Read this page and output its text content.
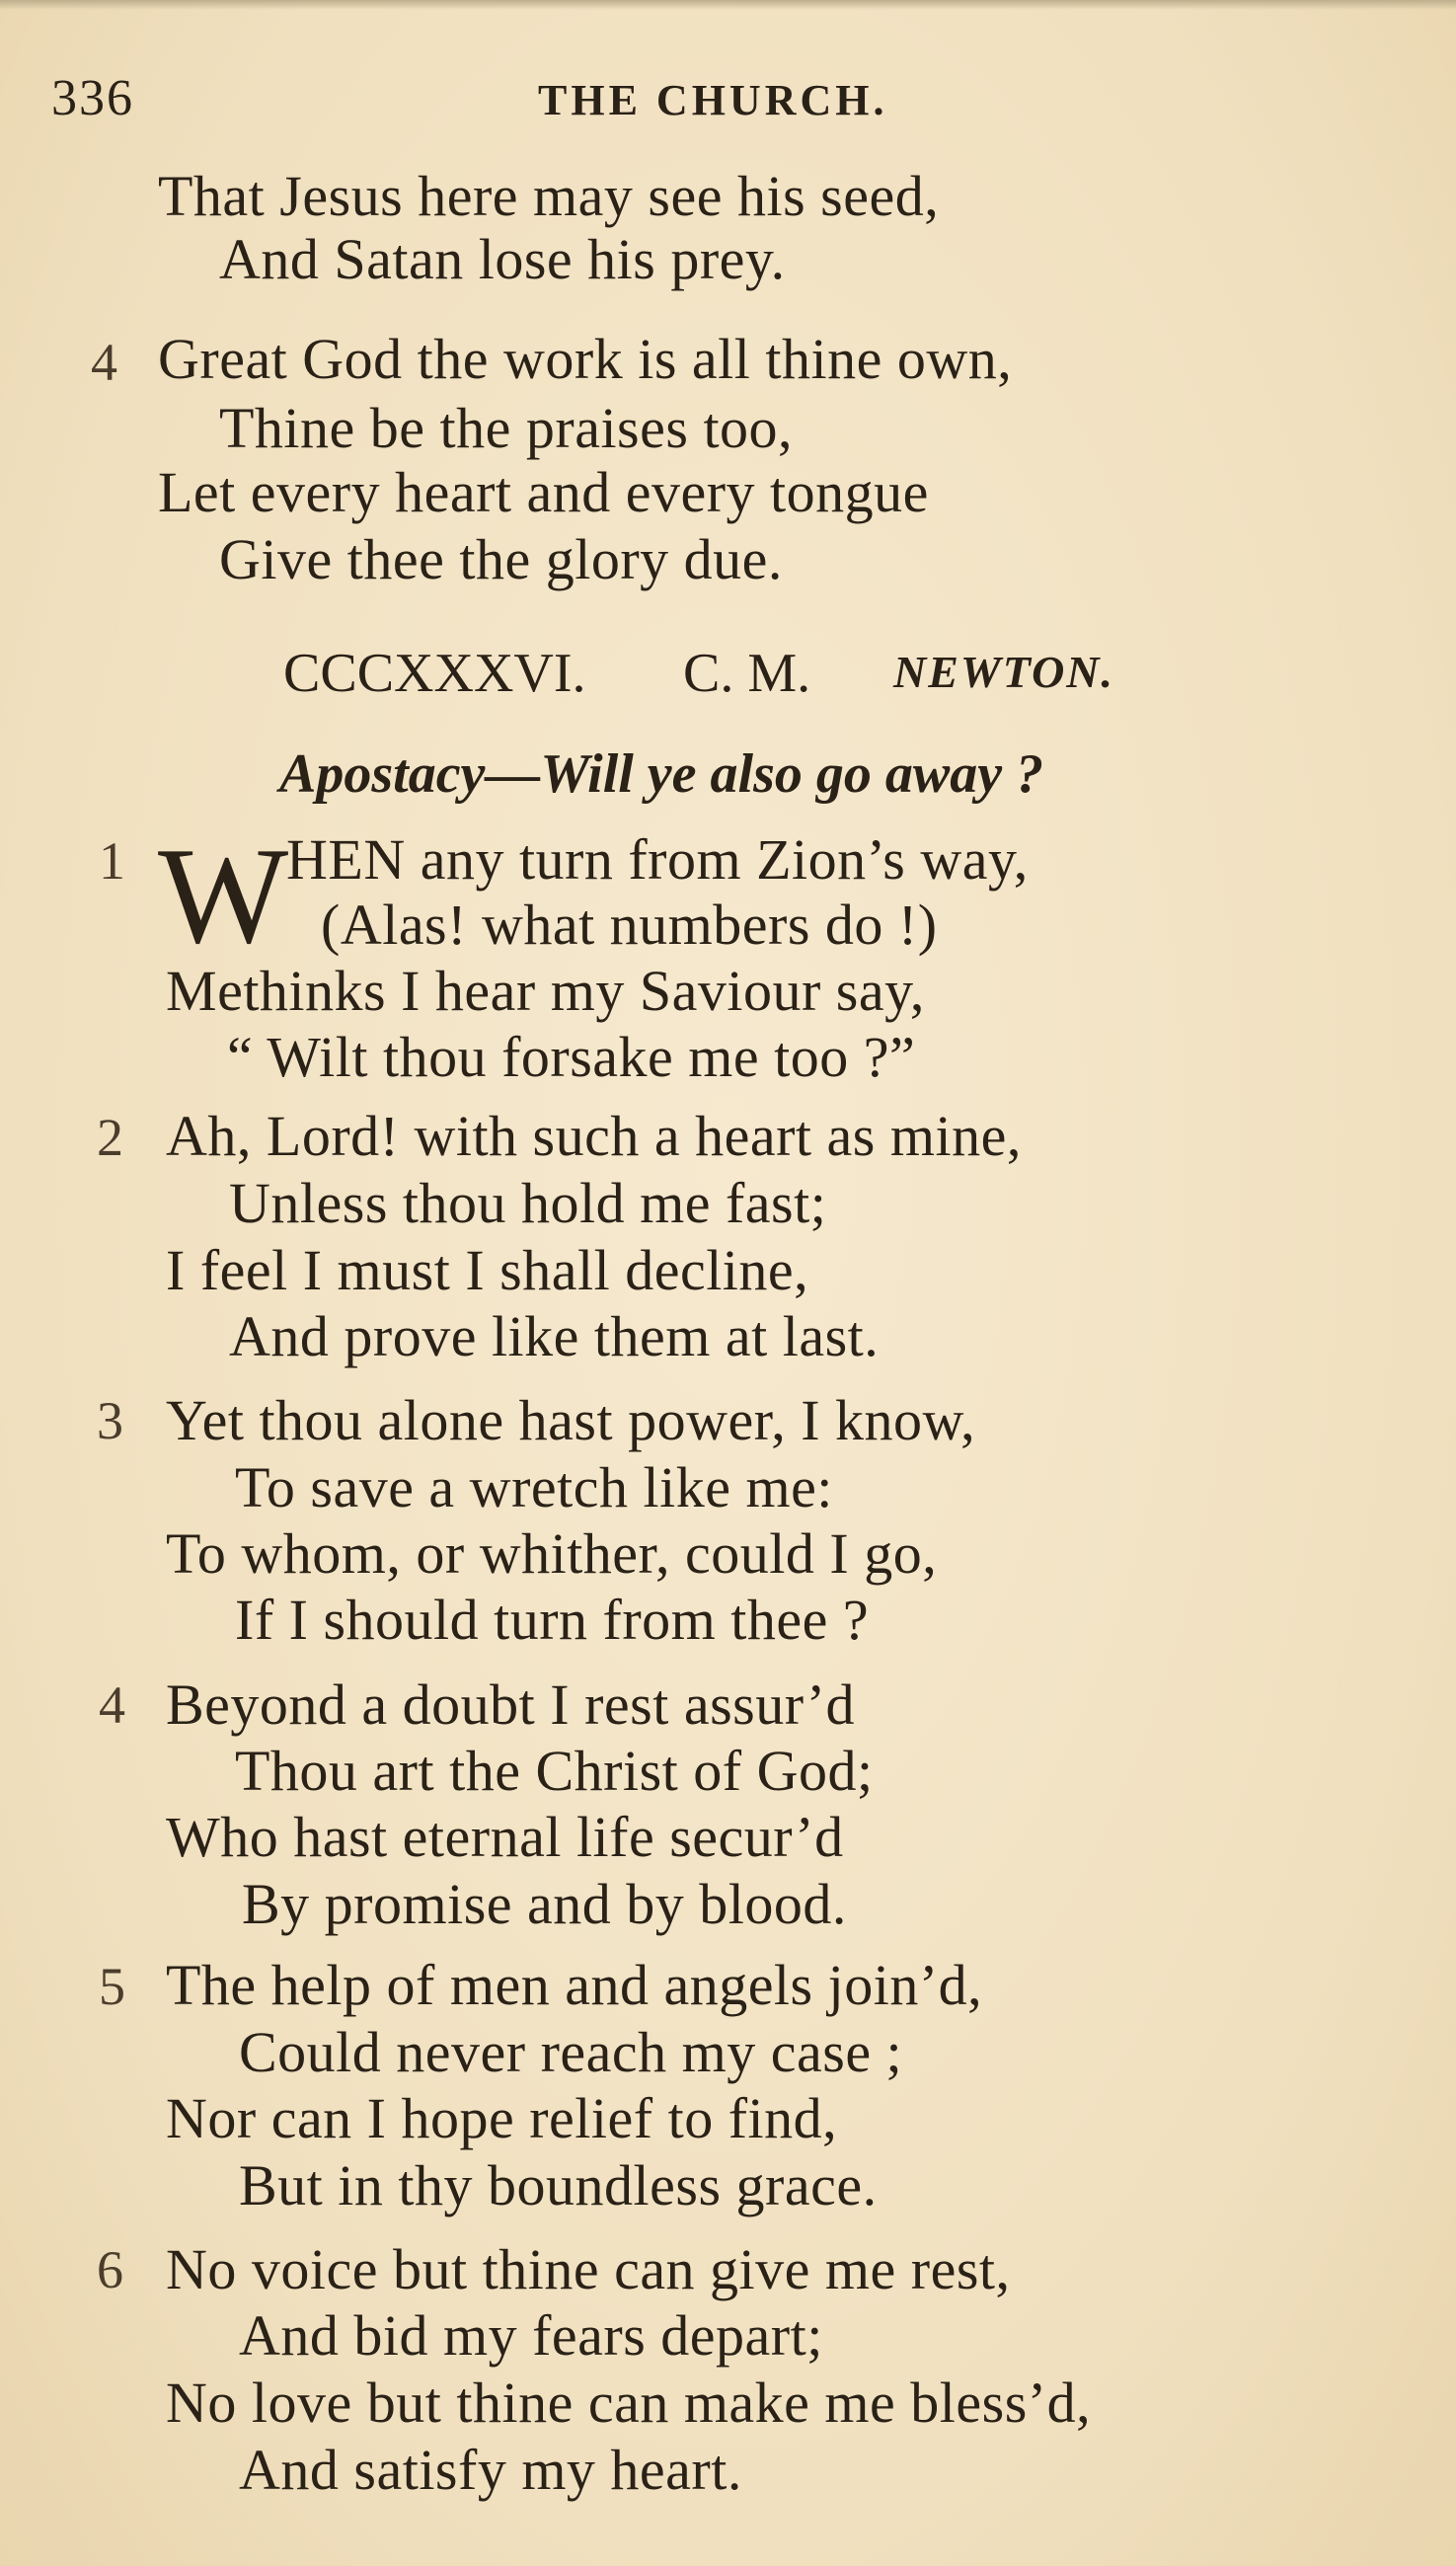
336	THE CHURCH.
That Jesus here may see his seed,
And Satan lose his prey.
4 Great God the work is all thine own,
Thine be the praises too,
Let every heart and every tongue
Give thee the glory due.
CCCXXXVI. C. M. NEWTON.
Apostacy—Will ye also go away ?
1 W
HEN any turn from Zion’s way,
(Alas! what numbers do !)
Methinks I hear my Saviour say,
“ Wilt thou forsake me too ?”
2 Ah, Lord! with such a heart as mine,
Unless thou hold me fast;
I feel I must I shall decline,
And prove like them at last.
3 Yet thou alone hast power, I know,
To save a wretch like me:
To whom, or whither, could I go,
If I should turn from thee ?
4 Beyond a doubt I rest assur’d
Thou art the Christ of God;
Who hast eternal life secur’d
By promise and by blood.
5 The help of men and angels join’d,
Could never reach my case ;
Nor can I hope relief to find,
But in thy boundless grace.
6 No voice but thine can give me rest,
And bid my fears depart;
No love but thine can make me bless’d,
And satisfy my heart.
